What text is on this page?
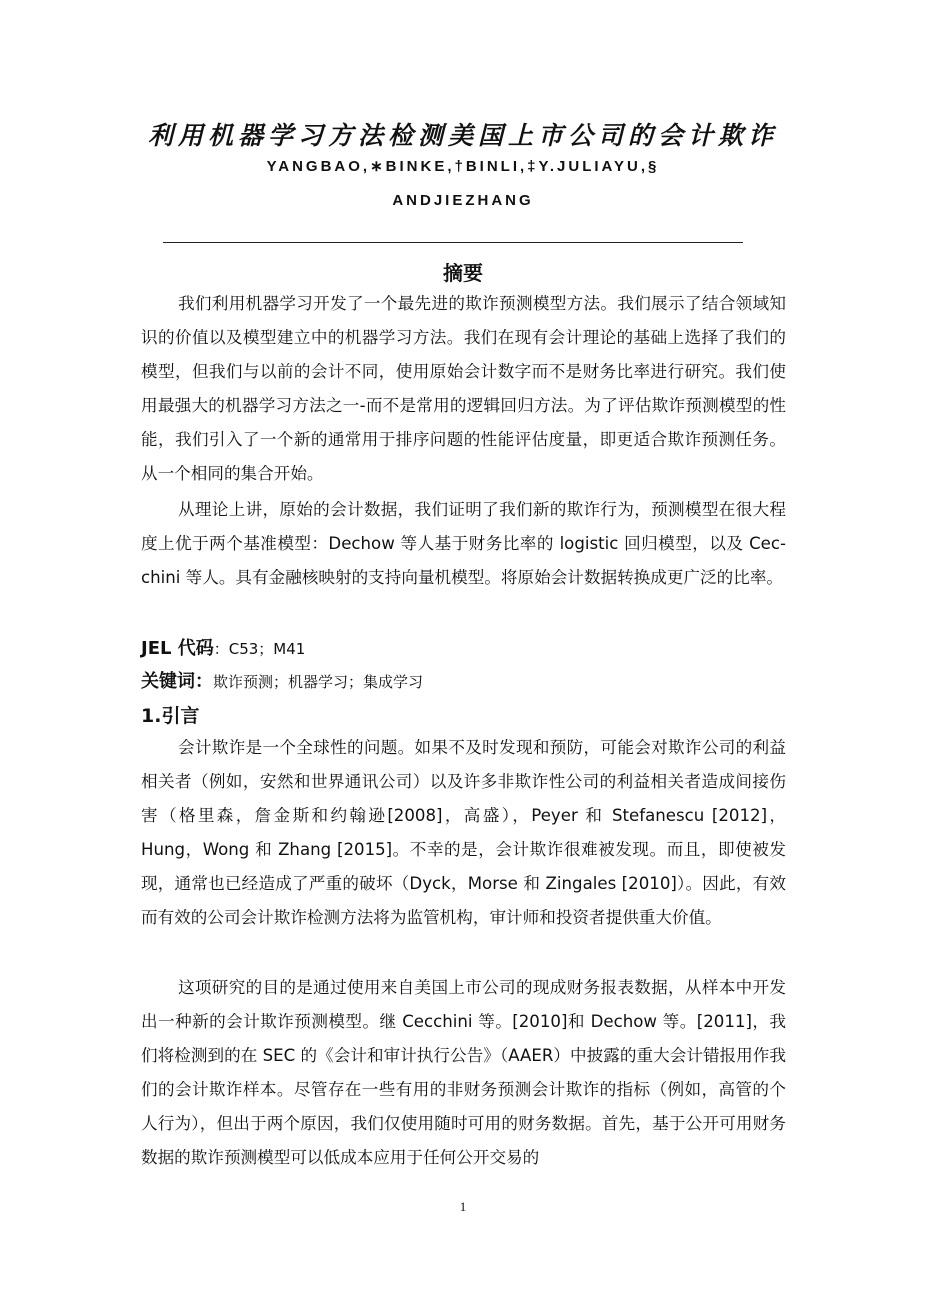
利用机器学习方法检测美国上市公司的会计欺诈
YANGBAO,∗BINKE,†BINLI,‡Y.JULIAYU,§
ANDJIEZHANG
摘要

我们利用机器学习开发了一个最先进的欺诈预测模型方法。我们展示了结合领域知识的价值以及模型建立中的机器学习方法。我们在现有会计理论的基础上选择了我们的模型，但我们与以前的会计不同，使用原始会计数字而不是财务比率进行研究。我们使用最强大的机器学习方法之一-而不是常用的逻辑回归方法。为了评估欺诈预测模型的性能，我们引入了一个新的通常用于排序问题的性能评估度量，即更适合欺诈预测任务。从一个相同的集合开始。

从理论上讲，原始的会计数据，我们证明了我们新的欺诈行为，预测模型在很大程度上优于两个基准模型：Dechow 等人基于财务比率的 logistic 回归模型，以及 Cec-chini 等人。具有金融核映射的支持向量机模型。将原始会计数据转换成更广泛的比率。

JEL 代码：C53；M41
关键词：欺诈预测；机器学习；集成学习
1.引言

会计欺诈是一个全球性的问题。如果不及时发现和预防，可能会对欺诈公司的利益相关者（例如，安然和世界通讯公司）以及许多非欺诈性公司的利益相关者造成间接伤害（格里森，詹金斯和约翰逊[2008]，高盛），Peyer 和 Stefanescu [2012]，Hung，Wong 和 Zhang [2015]。不幸的是，会计欺诈很难被发现。而且，即使被发现，通常也已经造成了严重的破坏（Dyck，Morse 和 Zingales [2010]）。因此，有效而有效的公司会计欺诈检测方法将为监管机构，审计师和投资者提供重大价值。

这项研究的目的是通过使用来自美国上市公司的现成财务报表数据，从样本中开发出一种新的会计欺诈预测模型。继 Cecchini 等。[2010]和 Dechow 等。[2011]，我们将检测到的在 SEC 的《会计和审计执行公告》（AAER）中披露的重大会计错报用作我们的会计欺诈样本。尽管存在一些有用的非财务预测会计欺诈的指标（例如，高管的个人行为），但出于两个原因，我们仅使用随时可用的财务数据。首先，基于公开可用财务数据的欺诈预测模型可以低成本应用于任何公开交易的

1
